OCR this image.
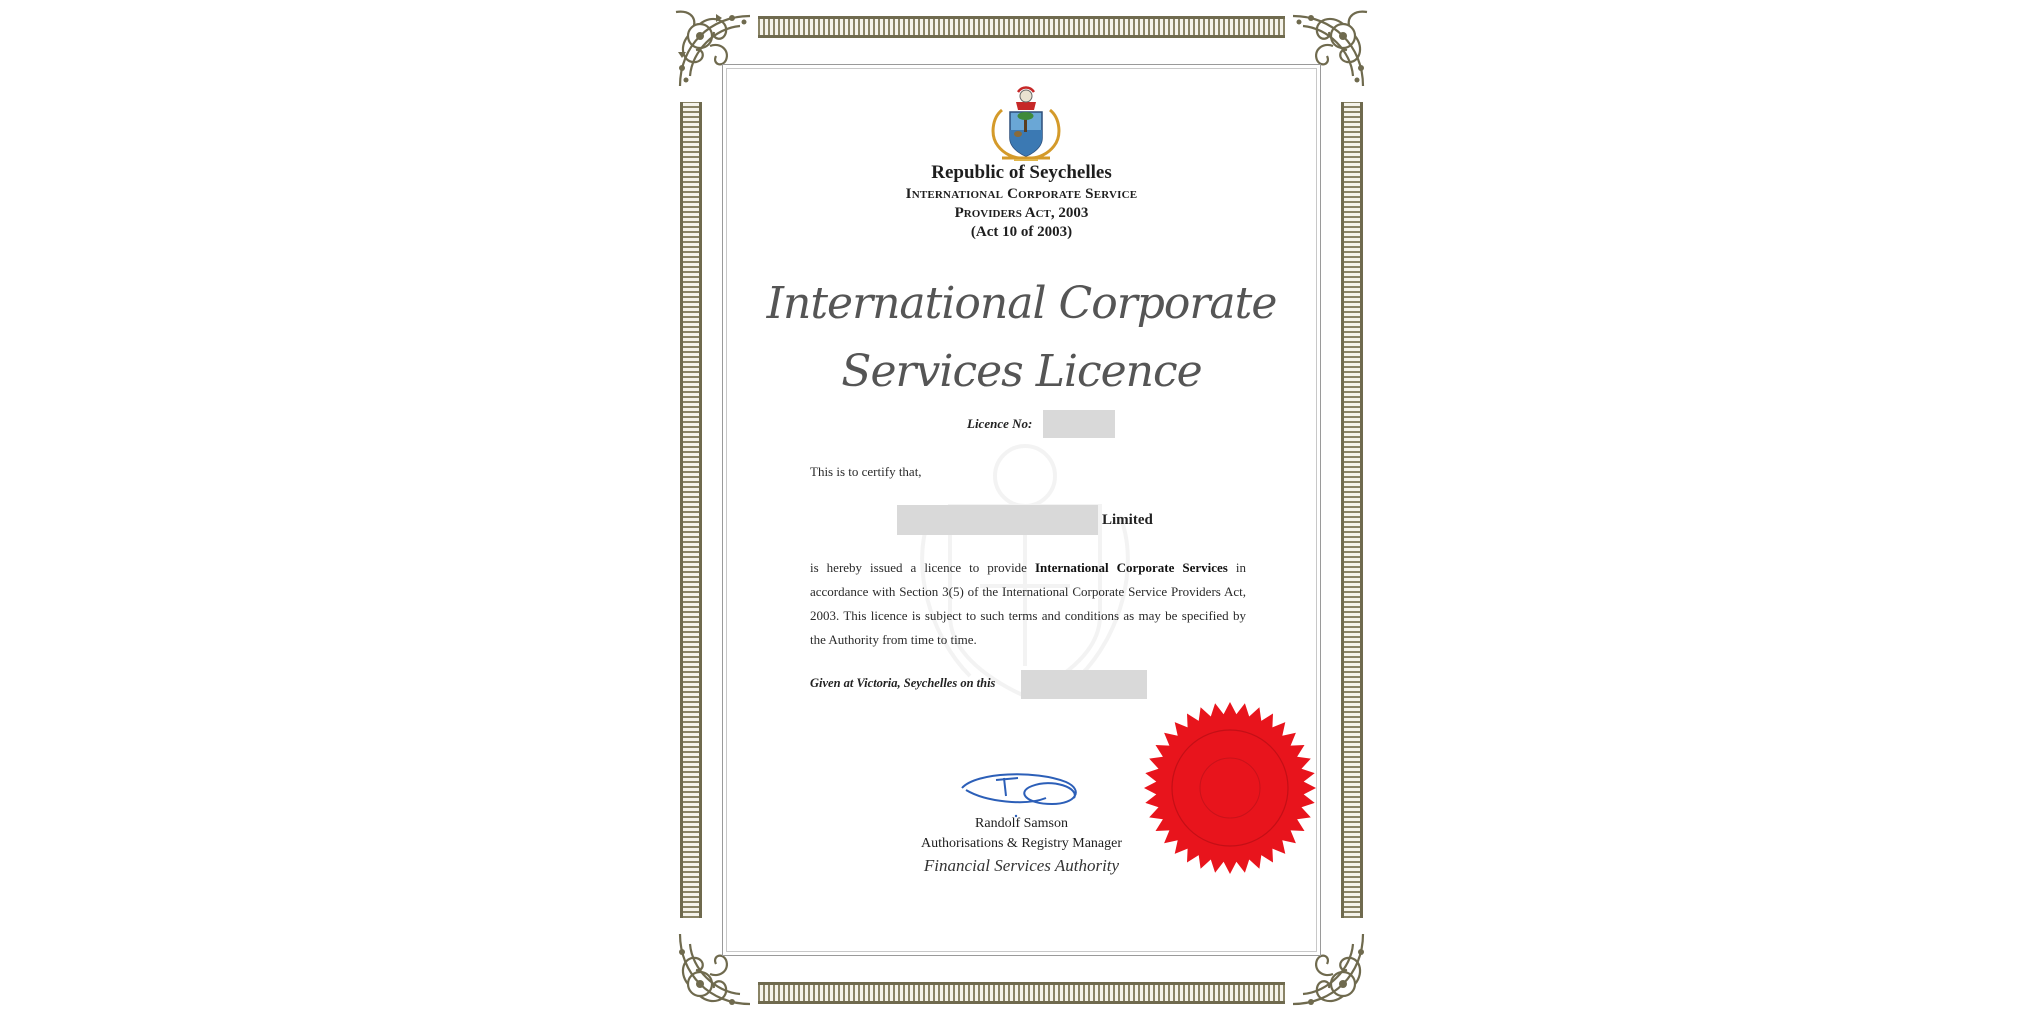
Republic of Seychelles
International Corporate Service
Providers Act, 2003
(Act 10 of 2003)
International Corporate
Services Licence
Licence No:
This is to certify that,
Limited
is hereby issued a licence to provide International Corporate Services in accordance with Section 3(5) of the International Corporate Service Providers Act, 2003. This licence is subject to such terms and conditions as may be specified by the Authority from time to time.
Given at Victoria, Seychelles on this
Randolf Samson
Authorisations & Registry Manager
Financial Services Authority
